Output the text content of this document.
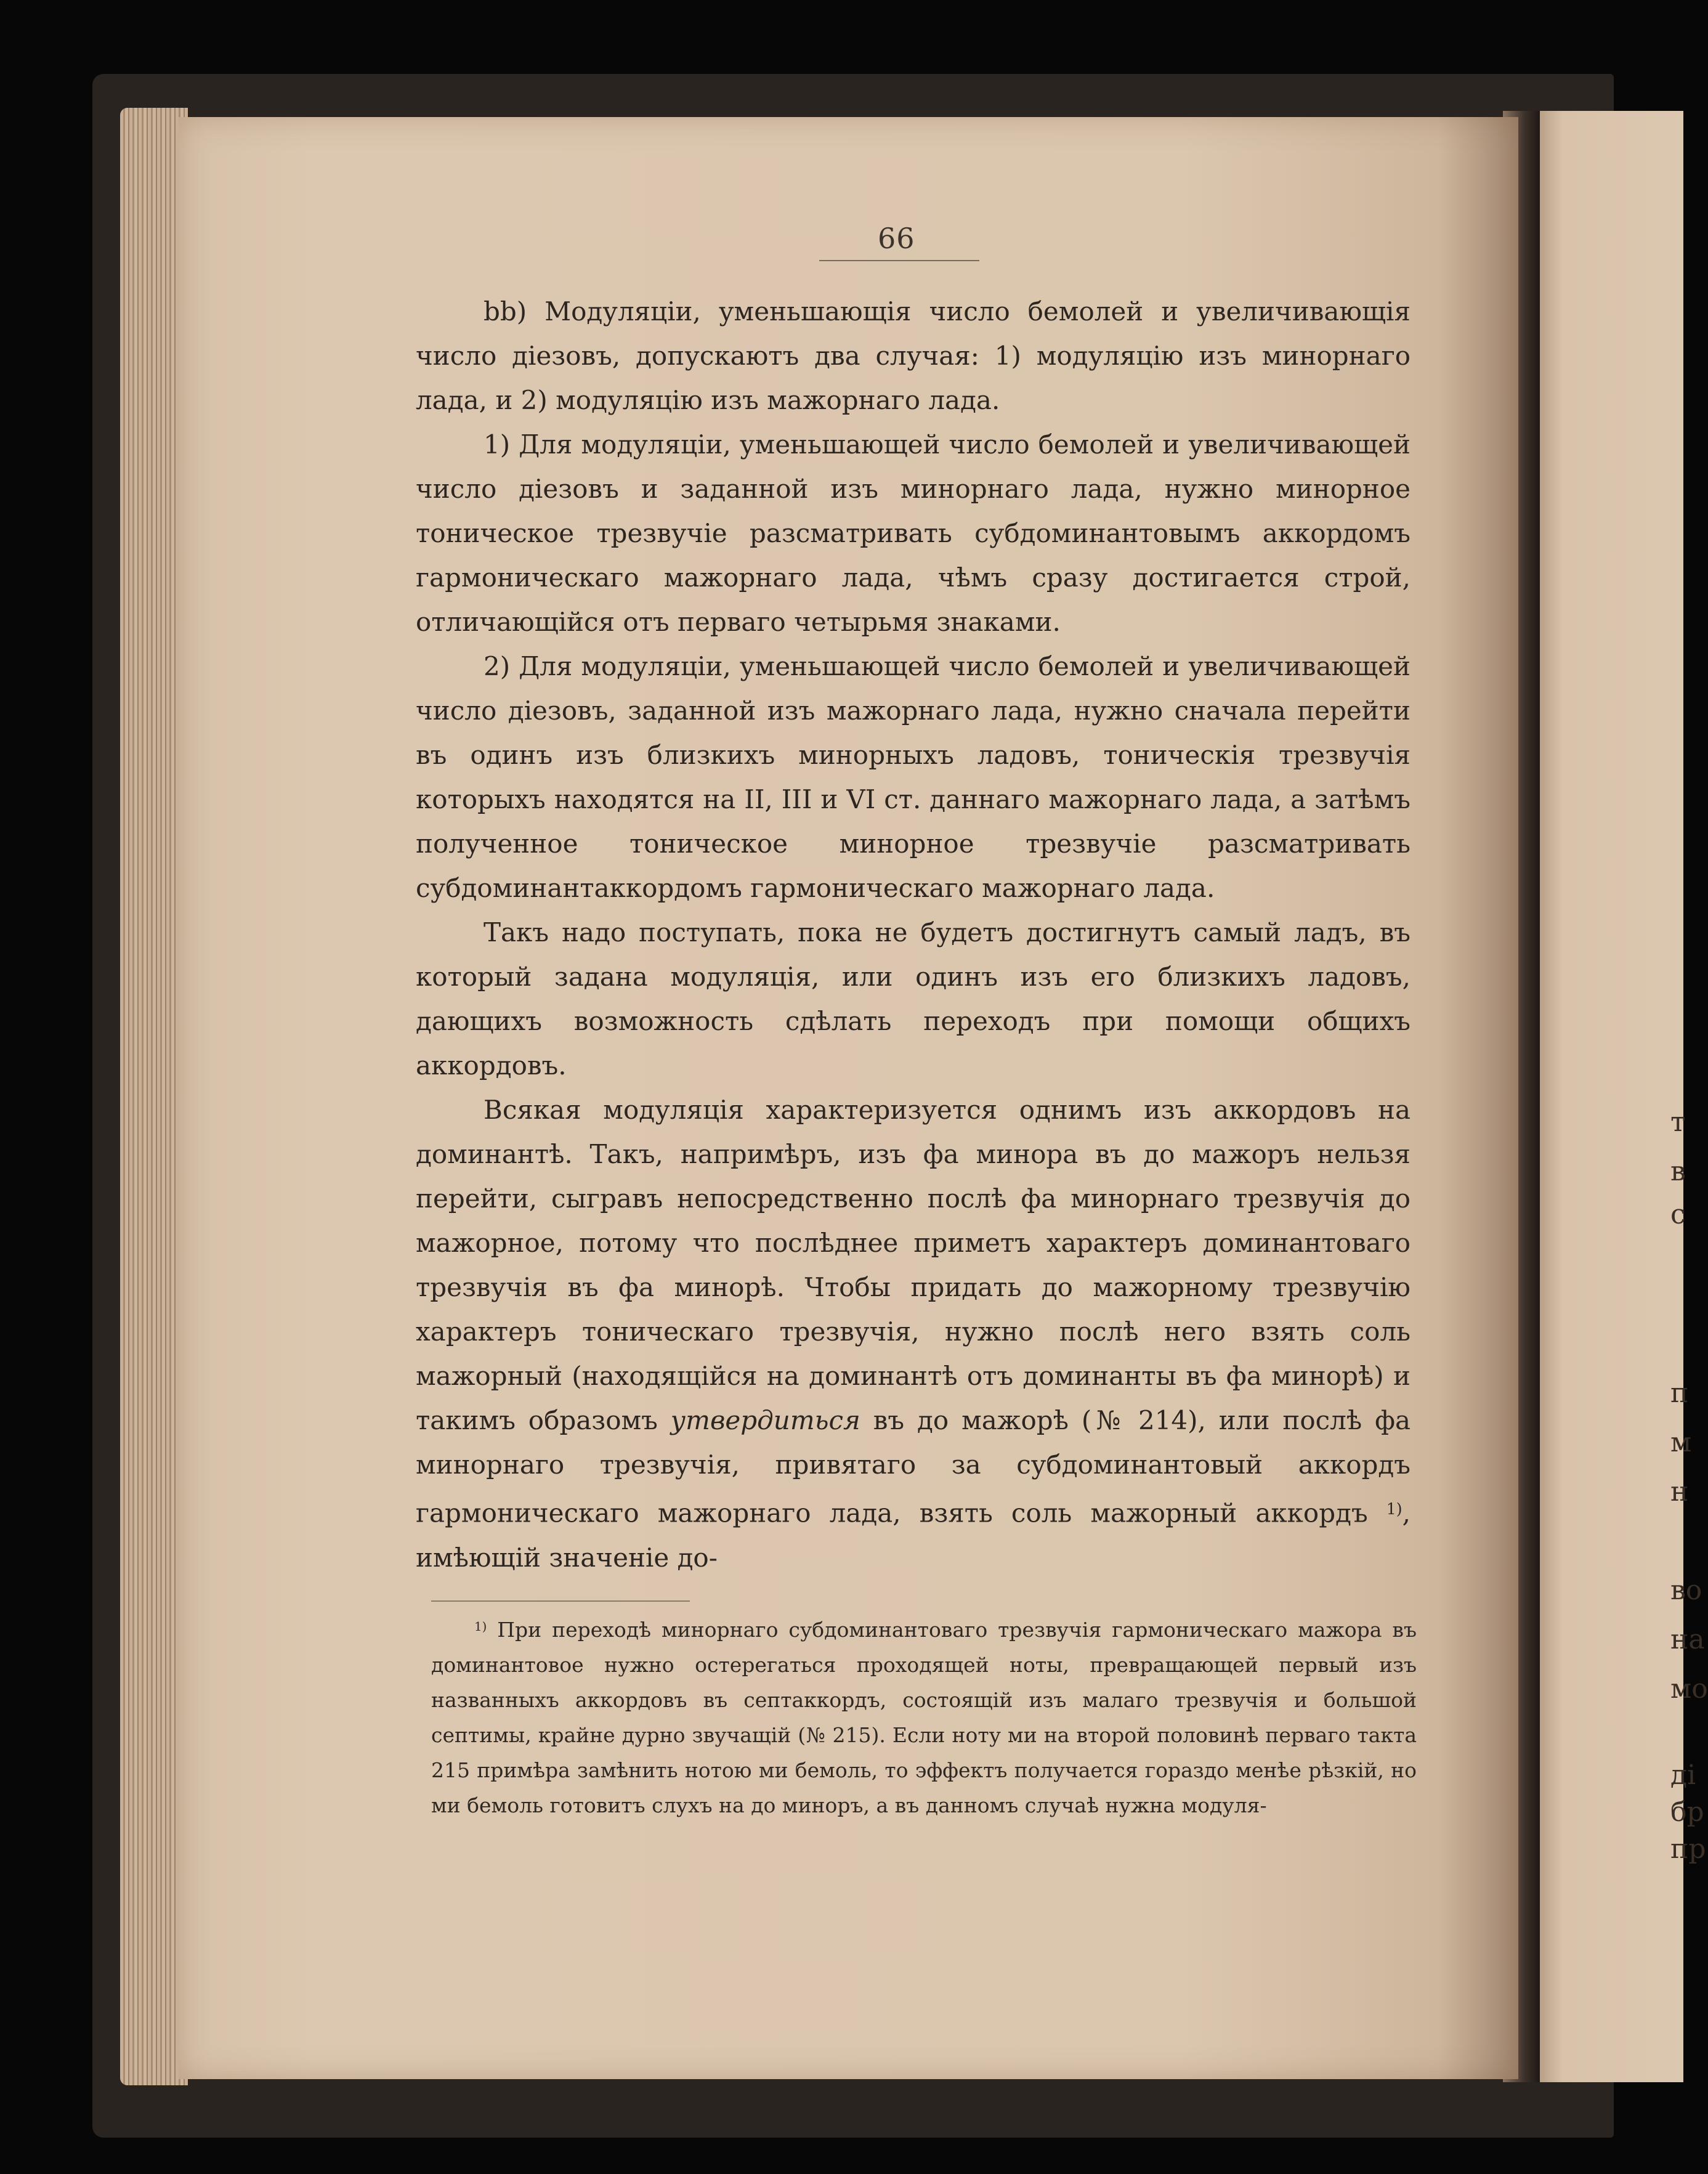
66

bb) Модуляціи, уменьшающія число бемолей и увеличивающія число діезовъ, допускаютъ два случая: 1) модуляцію изъ минорнаго лада, и 2) модуляцію изъ мажорнаго лада.

1) Для модуляціи, уменьшающей число бемолей и увеличивающей число діезовъ и заданной изъ минорнаго лада, нужно минорное тоническое трезвучіе разсматривать субдоминантовымъ аккордомъ гармоническаго мажорнаго лада, чѣмъ сразу достигается строй, отличающійся отъ перваго четырьмя знаками.

2) Для модуляціи, уменьшающей число бемолей и увеличивающей число діезовъ, заданной изъ мажорнаго лада, нужно сначала перейти въ одинъ изъ близкихъ минорныхъ ладовъ, тоническія трезвучія которыхъ находятся на II, III и VI ст. даннаго мажорнаго лада, а затѣмъ полученное тоническое минорное трезвучіе разсматривать субдоминантаккордомъ гармоническаго мажорнаго лада.

Такъ надо поступать, пока не будетъ достигнутъ самый ладъ, въ который задана модуляція, или одинъ изъ его близкихъ ладовъ, дающихъ возможность сдѣлать переходъ при помощи общихъ аккордовъ.

Всякая модуляція характеризуется однимъ изъ аккордовъ на доминантѣ. Такъ, напримѣръ, изъ фа минора въ до мажоръ нельзя перейти, сыгравъ непосредственно послѣ фа минорнаго трезвучія до мажорное, потому что послѣднее приметъ характеръ доминантоваго трезвучія въ фа минорѣ. Чтобы придать до мажорному трезвучію характеръ тоническаго трезвучія, нужно послѣ него взять соль мажорный (находящійся на доминантѣ отъ доминанты въ фа минорѣ) и такимъ образомъ утвердиться въ до мажорѣ (№ 214), или послѣ фа минорнаго трезвучія, привятаго за субдоминантовый аккордъ гармоническаго мажорнаго лада, взять соль мажорный аккордъ $^{1)}$, имѣющій значеніе до-

$^{1)}$ При переходѣ минорнаго субдоминантоваго трезвучія гармоническаго мажора въ доминантовое нужно остерегаться проходящей ноты, превращающей первый изъ названныхъ аккордовъ въ септаккордъ, состоящій изъ малаго трезвучія и большой септимы, крайне дурно звучащій (№ 215). Если ноту ми на второй половинѣ перваго такта 215 примѣра замѣнить нотою ми бемоль, то эффектъ получается гораздо менѣе рѣзкій, но ми бемоль готовитъ слухъ на до миноръ, а въ данномъ случаѣ нужна модуля-

т
в
с
п
м
н
во
на
мо
ді
бр
пр
